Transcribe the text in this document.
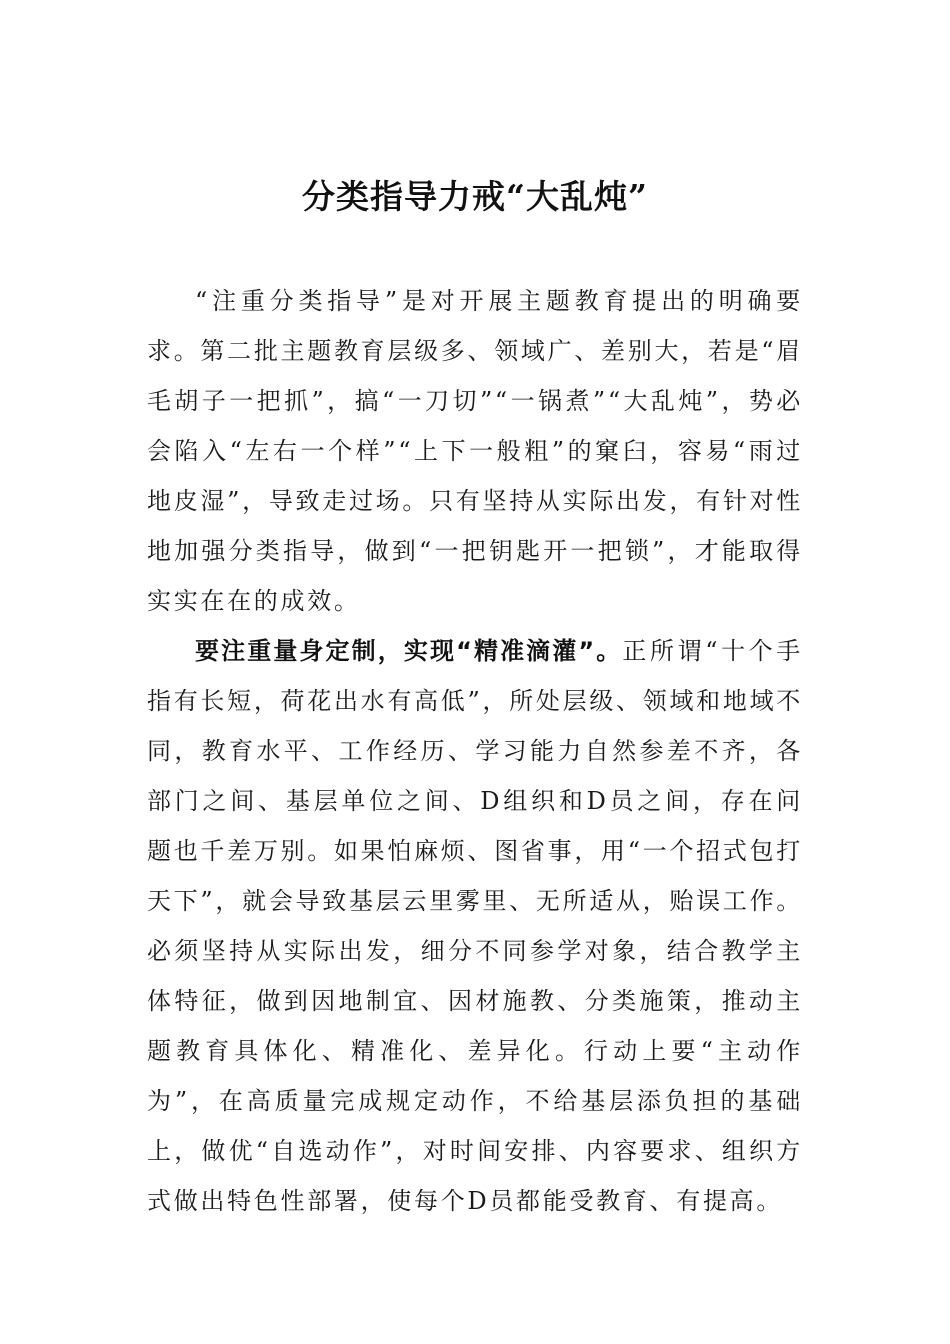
分类指导力戒“大乱炖”

“注重分类指导”是对开展主题教育提出的明确要求。第二批主题教育层级多、领域广、差别大，若是“眉毛胡子一把抓”，搞“一刀切”“一锅煮”“大乱炖”，势必会陷入“左右一个样”“上下一般粗”的窠臼，容易“雨过地皮湿”，导致走过场。只有坚持从实际出发，有针对性地加强分类指导，做到“一把钥匙开一把锁”，才能取得实实在在的成效。

要注重量身定制，实现“精准滴灌”。正所谓“十个手指有长短，荷花出水有高低”，所处层级、领域和地域不同，教育水平、工作经历、学习能力自然参差不齐，各部门之间、基层单位之间、D组织和D员之间，存在问题也千差万别。如果怕麻烦、图省事，用“一个招式包打天下”，就会导致基层云里雾里、无所适从，贻误工作。必须坚持从实际出发，细分不同参学对象，结合教学主体特征，做到因地制宜、因材施教、分类施策，推动主题教育具体化、精准化、差异化。行动上要“主动作为”，在高质量完成规定动作，不给基层添负担的基础上，做优“自选动作”，对时间安排、内容要求、组织方式做出特色性部署，使每个D员都能受教育、有提高。
